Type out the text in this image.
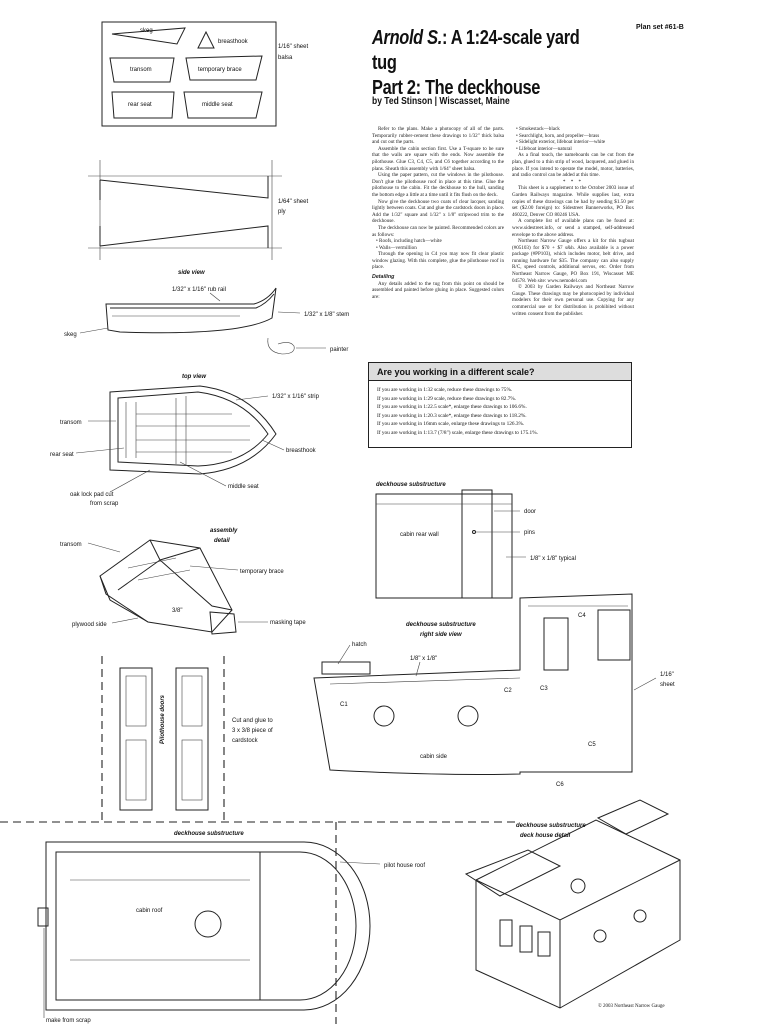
skeg
breasthook
1/16" sheet
balsa
transom	temporary brace
rear seat	middle seat
1/64" sheet
ply
side view
1/32" x 1/16" rub rail
1/32" x 1/8" stem
skeg
painter
top view
1/32" x 1/16" strip
transom
breasthook
rear seat
middle seat
oak lock pad cut
from scrap
assembly
detail
transom
temporary brace
3/8"
plywood side	masking tape
Pilothouse doors	Cut and glue to
3 x 3/8 piece of
cardstock
deckhouse substructure
cabin rear wall
door
pins
1/8" x 1/8" typical
deckhouse substructure
right side view
hatch
1/8" x 1/8"
1/16"
sheet
C1
C2	C3
C4
C5
C6
cabin side
deckhouse substructure
cabin roof
pilot house roof
make from scrap
deckhouse substructure
deck house detail
Plan set #61-B
Arnold S.: A 1:24-scale yard tug
Part 2: The deckhouse
by Ted Stinson | Wiscasset, Maine

Refer to the plans. Make a photocopy of all of the parts. Temporarily rubber-cement these drawings to 1/32" thick balsa and cut out the parts.

Assemble the cabin section first. Use a T-square to be sure that the walls are square with the ends. Now assemble the pilothouse. Glue C3, C4, C5, and C6 together according to the plans. Sheath this assembly with 1/64" sheet balsa.

Using the paper pattern, cut the windows in the pilothouse. Don't glue the pilothouse roof in place at this time. Glue the pilothouse to the cabin. Fit the deckhouse to the hull, sanding the bottom edge a little at a time until it fits flush on the deck.

Now give the deckhouse two coats of clear lacquer, sanding lightly between coats. Cut and glue the cardstock doors in place. Add the 1/32" square and 1/32" x 1/8" stripwood trim to the deckhouse.

The deckhouse can now be painted. Recommended colors are as follows:

• Roofs, including hatch—white

• Walls—vermillion

Through the opening in C4 you may now fit clear plastic window glazing. With this complete, glue the pilothouse roof in place.

Detailing

Any details added to the tug from this point on should be assembled and painted before gluing in place. Suggested colors are:

• Smokestack—black

• Searchlight, horn, and propeller—brass

• Sidelight exterior, lifeboat interior—white

• Lifeboat interior—natural

As a final touch, the nameboards can be cut from the plan, glued to a thin strip of wood, lacquered, and glued in place. If you intend to operate the model, motor, batteries, and radio control can be added at this time.

* * *

This sheet is a supplement to the October 2003 issue of Garden Railways magazine. While supplies last, extra copies of these drawings can be had by sending $1.50 per set ($2.00 foreign) to: Sidestreet Bannerworks, PO Box 460222, Denver CO 80246 USA.

A complete list of available plans can be found at: www.sidestreet.info, or send a stamped, self-addressed envelope to the above address.

Northeast Narrow Gauge offers a kit for this tugboat (#05103) for $70 + $7 s&h. Also available is a power package (#PP103), which includes motor, belt drive, and running hardware for $35. The company can also supply R/C, speed controls, additional servos, etc. Order from Northeast Narrow Gauge, PO Box 191, Wiscasset ME 04578. Web site: www.nemodel.com

© 2003 by Garden Railways and Northeast Narrow Gauge. These drawings may be photocopied by individual modelers for their own personal use. Copying for any commercial use or for distribution is prohibited without written consent from the publisher.

Are you working in a different scale?
If you are working in 1:32 scale, reduce these drawings to 75%.
If you are working in 1:29 scale, reduce these drawings to 82.7%.
If you are working in 1:22.5 scale*, enlarge these drawings to 106.6%.
If you are working in 1:20.3 scale*, enlarge these drawings to 118.2%.
If you are working in 16mm scale, enlarge these drawings to 126.3%.
If you are working in 1:13.7 (7/8") scale, enlarge these drawings to 175.1%.
© 2003 Northeast Narrow Gauge
